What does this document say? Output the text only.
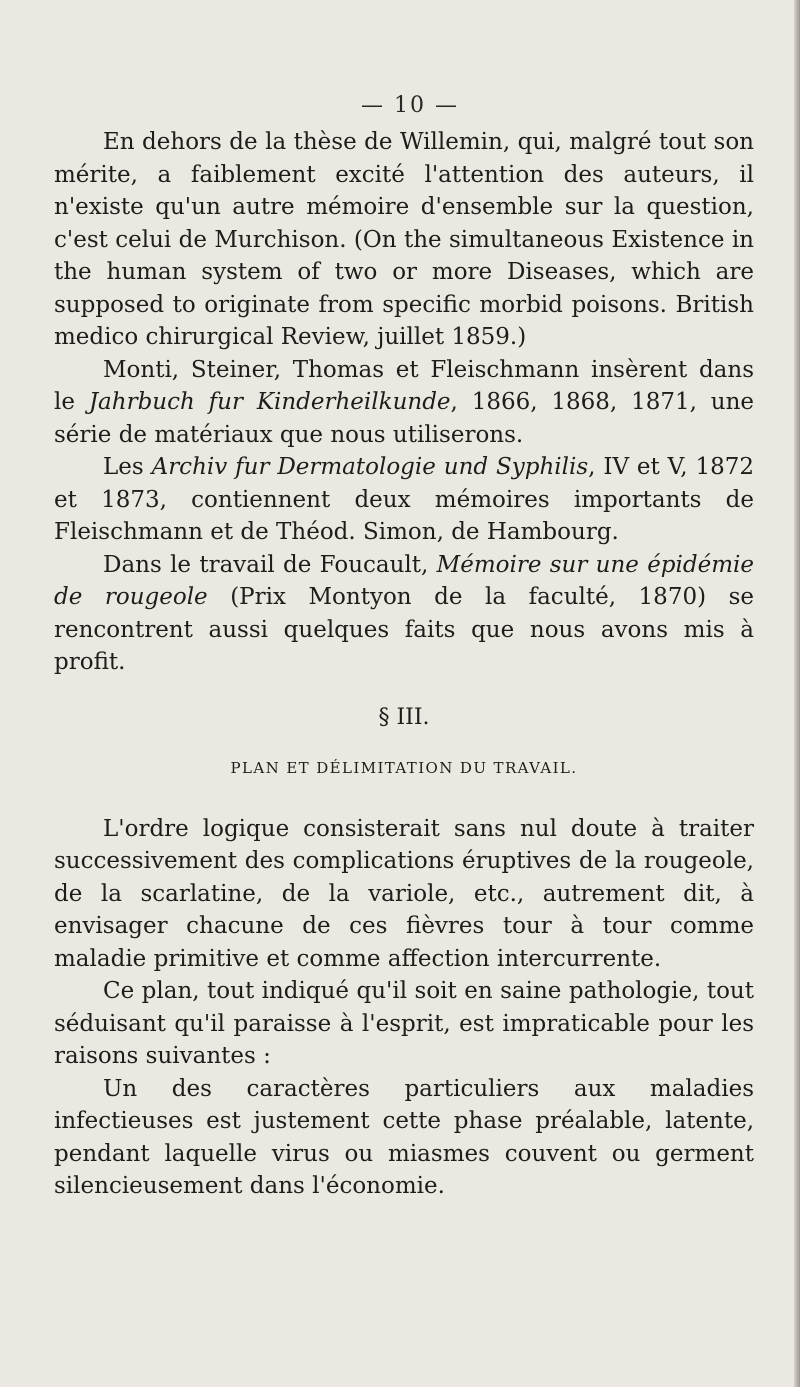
— 10 —

En dehors de la thèse de Willemin, qui, malgré tout son mérite, a faiblement excité l'attention des auteurs, il n'existe qu'un autre mémoire d'ensemble sur la question, c'est celui de Murchison. (On the simultaneous Existence in the human system of two or more Diseases, which are supposed to originate from specific morbid poisons. British medico chirurgical Review, juillet 1859.)

Monti, Steiner, Thomas et Fleischmann insèrent dans le Jahrbuch fur Kinderheilkunde, 1866, 1868, 1871, une série de matériaux que nous utiliserons.

Les Archiv fur Dermatologie und Syphilis, IV et V, 1872 et 1873, contiennent deux mémoires importants de Fleischmann et de Théod. Simon, de Hambourg.

Dans le travail de Foucault, Mémoire sur une épidémie de rougeole (Prix Montyon de la faculté, 1870) se rencontrent aussi quelques faits que nous avons mis à profit.

§ III.
PLAN ET DÉLIMITATION DU TRAVAIL.

L'ordre logique consisterait sans nul doute à traiter successivement des complications éruptives de la rougeole, de la scarlatine, de la variole, etc., autrement dit, à envisager chacune de ces fièvres tour à tour comme maladie primitive et comme affection intercurrente.

Ce plan, tout indiqué qu'il soit en saine pathologie, tout séduisant qu'il paraisse à l'esprit, est impraticable pour les raisons suivantes :

Un des caractères particuliers aux maladies infectieuses est justement cette phase préalable, latente, pendant laquelle virus ou miasmes couvent ou germent silencieusement dans l'économie.
